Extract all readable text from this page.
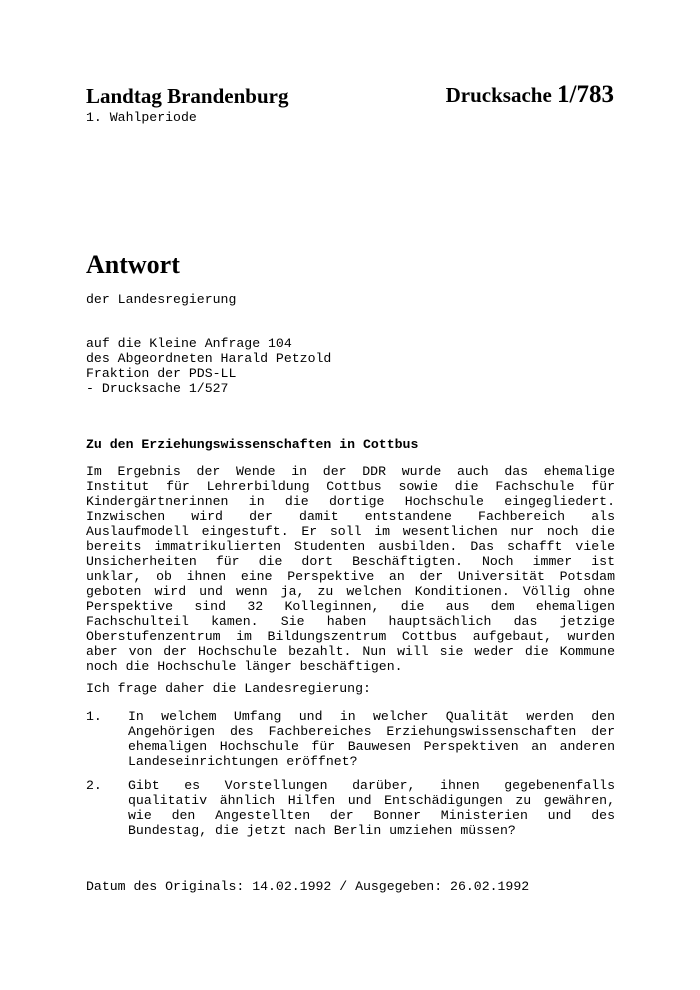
Landtag Brandenburg	Drucksache 1/783
1. Wahlperiode
Antwort
der Landesregierung
auf die Kleine Anfrage 104
des Abgeordneten Harald Petzold
Fraktion der PDS-LL
- Drucksache 1/527
Zu den Erziehungswissenschaften in Cottbus
Im Ergebnis der Wende in der DDR wurde auch das ehemalige
Institut für Lehrerbildung Cottbus sowie die Fachschule für
Kindergärtnerinnen in die dortige Hochschule eingegliedert.
Inzwischen wird der damit entstandene Fachbereich als
Auslaufmodell eingestuft. Er soll im wesentlichen nur noch die
bereits immatrikulierten Studenten ausbilden. Das schafft viele
Unsicherheiten für die dort Beschäftigten. Noch immer ist
unklar, ob ihnen eine Perspektive an der Universität Potsdam
geboten wird und wenn ja, zu welchen Konditionen. Völlig ohne
Perspektive sind 32 Kolleginnen, die aus dem ehemaligen
Fachschulteil kamen. Sie haben hauptsächlich das jetzige
Oberstufenzentrum im Bildungszentrum Cottbus aufgebaut, wurden
aber von der Hochschule bezahlt. Nun will sie weder die Kommune
noch die Hochschule länger beschäftigen.
Ich frage daher die Landesregierung:
1. In welchem Umfang und in welcher Qualität werden den
Angehörigen des Fachbereiches Erziehungswissenschaften der
ehemaligen Hochschule für Bauwesen Perspektiven an anderen
Landeseinrichtungen eröffnet?
2. Gibt es Vorstellungen darüber, ihnen gegebenenfalls
qualitativ ähnlich Hilfen und Entschädigungen zu gewähren,
wie den Angestellten der Bonner Ministerien und des
Bundestag, die jetzt nach Berlin umziehen müssen?
Datum des Originals: 14.02.1992 / Ausgegeben: 26.02.1992
